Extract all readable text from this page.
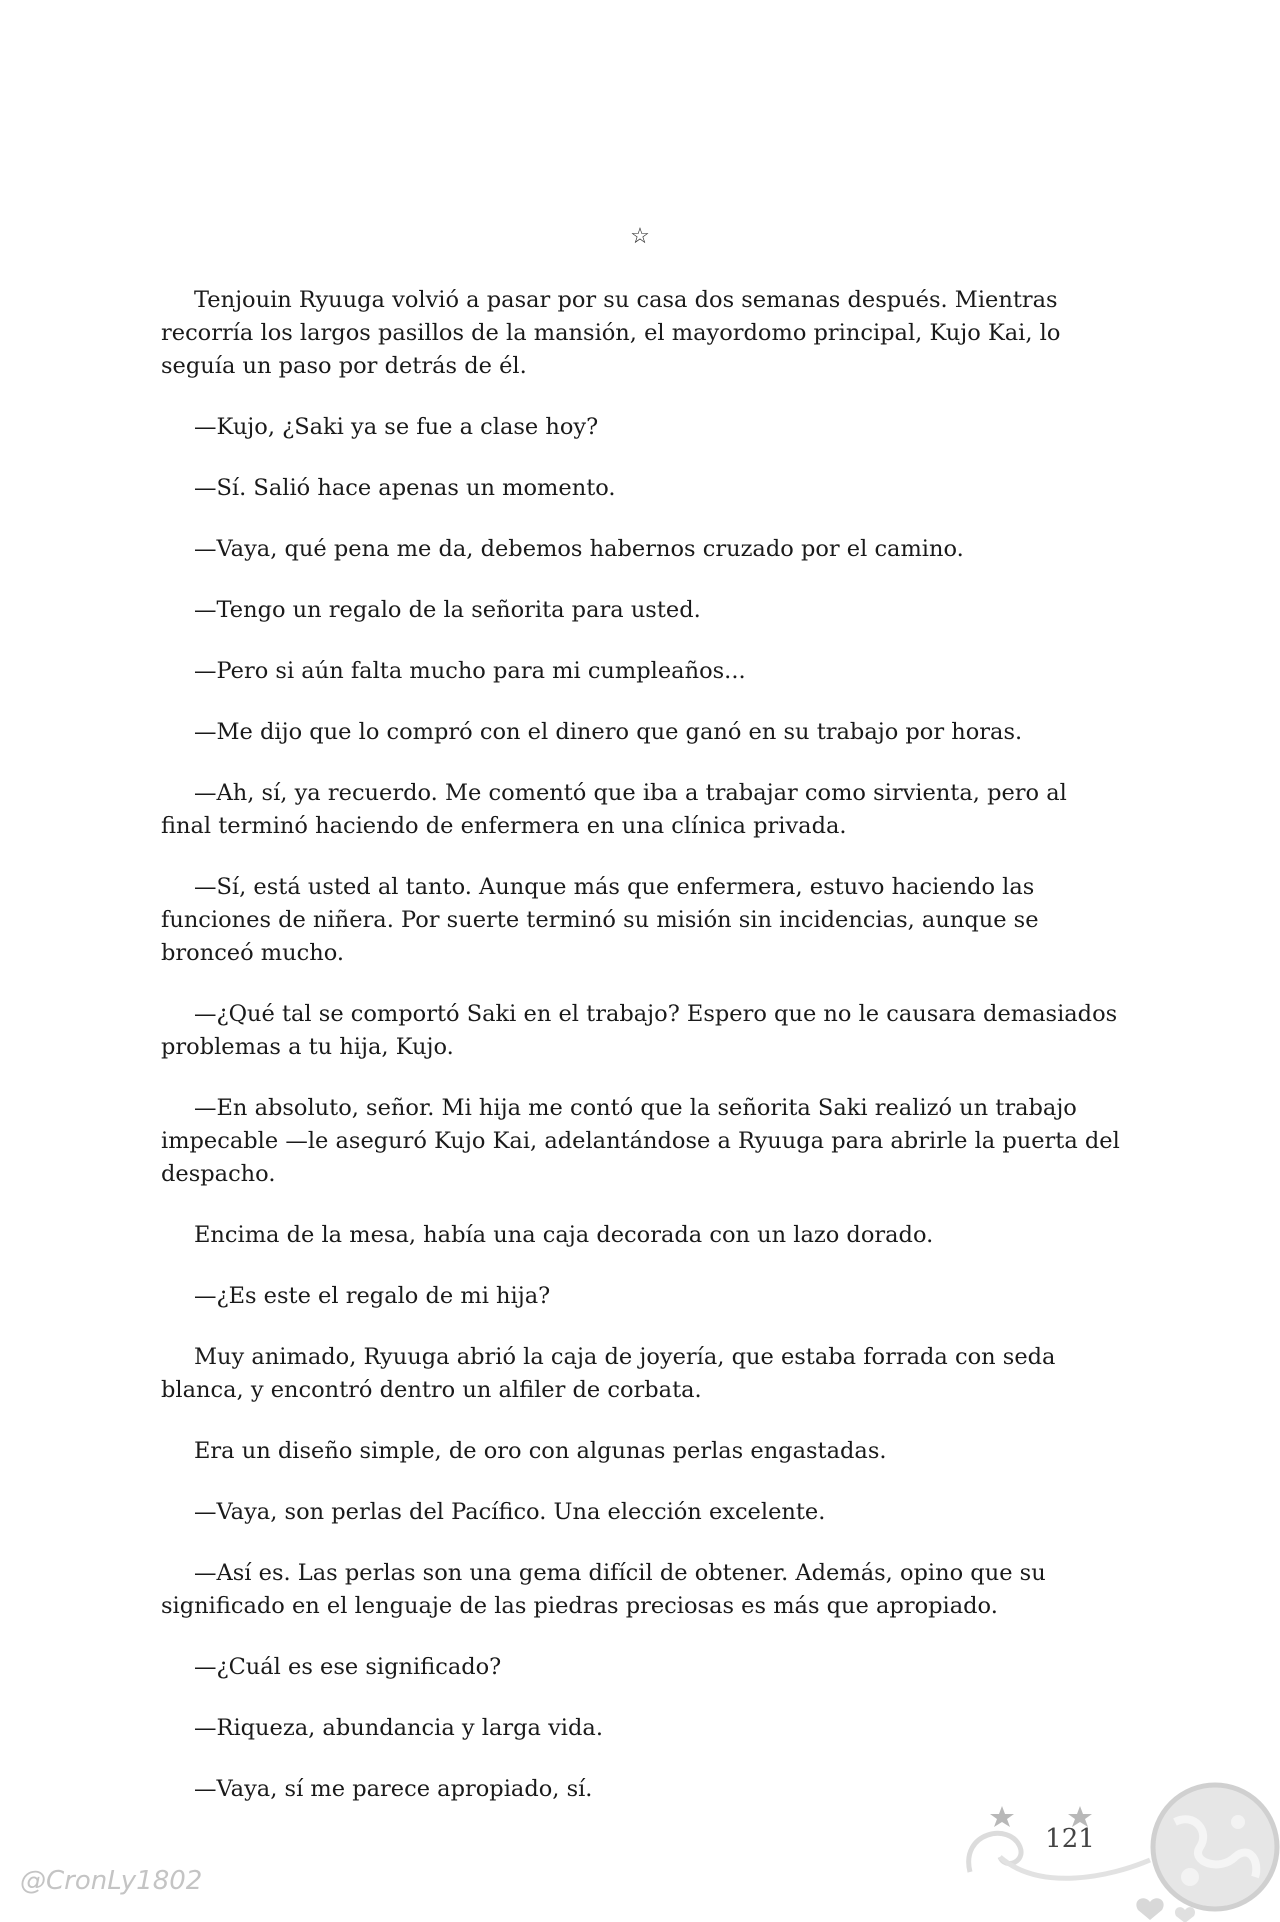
☆

Tenjouin Ryuuga volvió a pasar por su casa dos semanas después. Mientras recorría los largos pasillos de la mansión, el mayordomo principal, Kujo Kai, lo seguía un paso por detrás de él.

—Kujo, ¿Saki ya se fue a clase hoy?

—Sí. Salió hace apenas un momento.

—Vaya, qué pena me da, debemos habernos cruzado por el camino.

—Tengo un regalo de la señorita para usted.

—Pero si aún falta mucho para mi cumpleaños...

—Me dijo que lo compró con el dinero que ganó en su trabajo por horas.

—Ah, sí, ya recuerdo. Me comentó que iba a trabajar como sirvienta, pero al final terminó haciendo de enfermera en una clínica privada.

—Sí, está usted al tanto. Aunque más que enfermera, estuvo haciendo las funciones de niñera. Por suerte terminó su misión sin incidencias, aunque se bronceó mucho.

—¿Qué tal se comportó Saki en el trabajo? Espero que no le causara demasiados problemas a tu hija, Kujo.

—En absoluto, señor. Mi hija me contó que la señorita Saki realizó un trabajo impecable —le aseguró Kujo Kai, adelantándose a Ryuuga para abrirle la puerta del despacho.

Encima de la mesa, había una caja decorada con un lazo dorado.

—¿Es este el regalo de mi hija?

Muy animado, Ryuuga abrió la caja de joyería, que estaba forrada con seda blanca, y encontró dentro un alfiler de corbata.

Era un diseño simple, de oro con algunas perlas engastadas.

—Vaya, son perlas del Pacífico. Una elección excelente.

—Así es. Las perlas son una gema difícil de obtener. Además, opino que su significado en el lenguaje de las piedras preciosas es más que apropiado.

—¿Cuál es ese significado?

—Riqueza, abundancia y larga vida.

—Vaya, sí me parece apropiado, sí.

121
@CronLy1802
